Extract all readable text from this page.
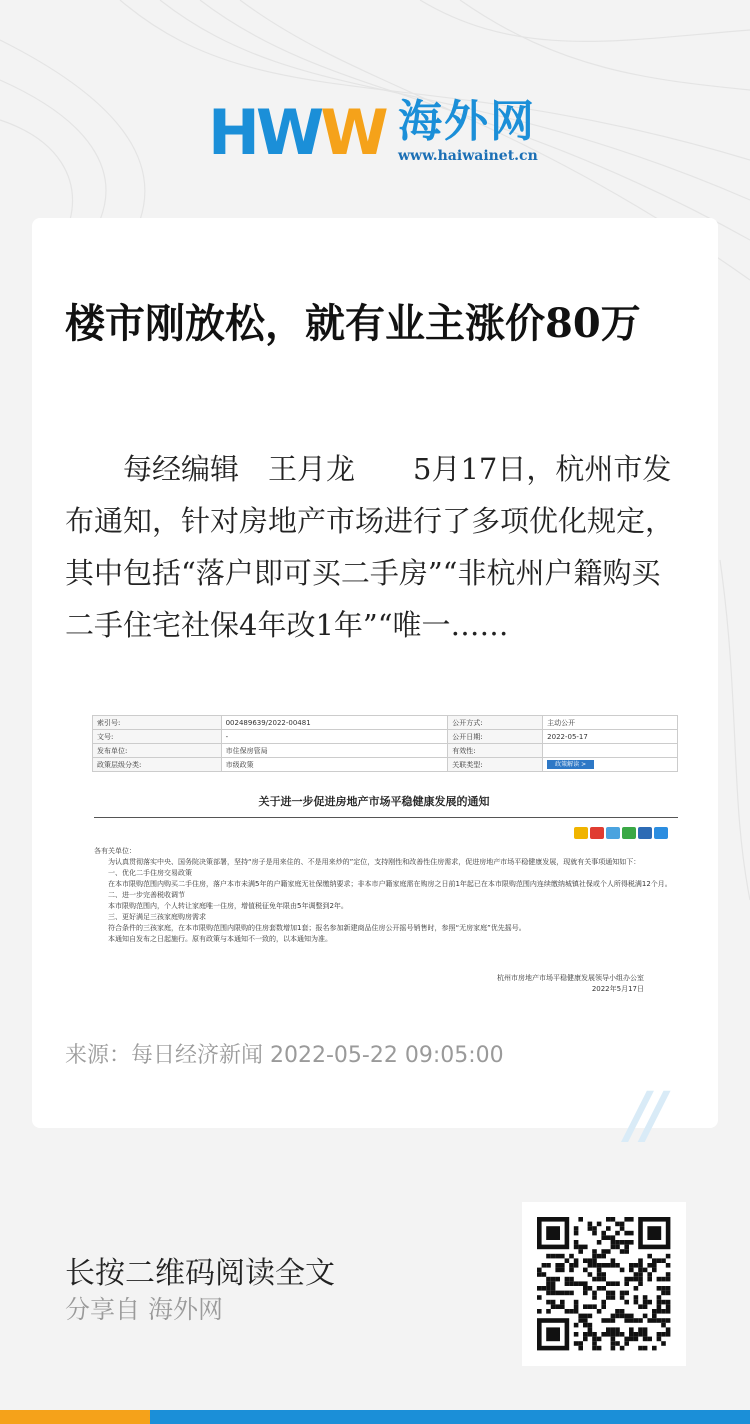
HWW 海外网
www.haiwainet.cn
楼市刚放松，就有业主涨价80万

　　每经编辑　王月龙　　5月17日，杭州市发布通知，针对房地产市场进行了多项优化规定，其中包括“落户即可买二手房”“非杭州户籍购买二手住宅社保4年改1年”“唯一……

索引号:	002489639/2022-00481	公开方式:	主动公开
文号:	-	公开日期:	2022-05-17
发布单位:	市住保房管局	有效性:	
政策层级分类:	市级政策	关联类型:	政策解读 >
关于进一步促进房地产市场平稳健康发展的通知

各有关单位：

　　为认真贯彻落实中央、国务院决策部署，坚持“房子是用来住的、不是用来炒的”定位，支持刚性和改善性住房需求，促进房地产市场平稳健康发展，现就有关事项通知如下：

　　一、优化二手住房交易政策

　　在本市限购范围内购买二手住房，落户本市未满5年的户籍家庭无社保缴纳要求；非本市户籍家庭需在购房之日前1年起已在本市限购范围内连续缴纳城镇社保或个人所得税满12个月。

　　二、进一步完善税收调节

　　本市限购范围内，个人转让家庭唯一住房，增值税征免年限由5年调整到2年。

　　三、更好满足三孩家庭购房需求

　　符合条件的三孩家庭，在本市限购范围内限购的住房套数增加1套；报名参加新建商品住房公开摇号销售时，参照“无房家庭”优先摇号。

　　本通知自发布之日起施行。原有政策与本通知不一致的，以本通知为准。

杭州市房地产市场平稳健康发展领导小组办公室
2022年5月17日
来源：每日经济新闻 2022-05-22 09:05:00
//
长按二维码阅读全文
分享自 海外网
